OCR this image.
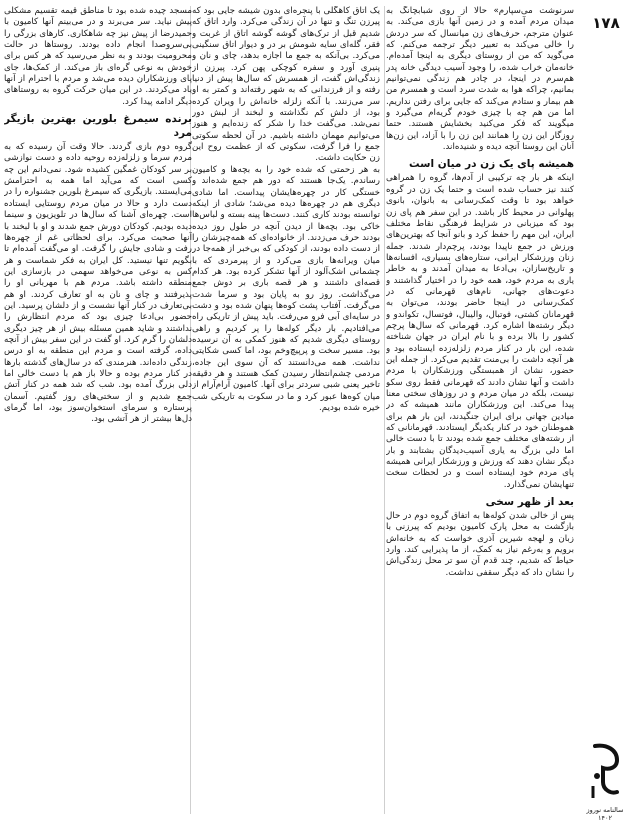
۱۷۸
سالنامه نوروز ۱۴۰۲

سرنوشت می‌سپارم» حالا از روی شبابچانگ به میدان مردم آمده و در زمین آنها بازی می‌کند. به عنوان مترجم، حرف‌های زن میانسال که سر دردش را خالی می‌کند به تعبیر دیگر ترجمه می‌کنم. که می‌گوید که من از روستای دیگری به اینجا آمده‌ام. خانه‌مان خراب شده، را وجود آسیب دیدگی خانه پدر هم‌سرم در اینجا، در چادر هم زندگی نمی‌توانیم بمانیم، چراکه هوا به شدت سرد است و همسرم من هم بیمار و ستادم می‌کند که جایی برای رفتن نداریم. اما من هم چه با چیزی خودم گریه‌ام می‌گیرد و میگویند که فکر می‌کنید بخشایش هستند. حتما روزگار این زن را همانند این زن را با آزاد، این زن‌ها آنان این روستا آنچه دیده و شنیده‌اند.

همیشه پای یک زن در میان است

اینکه هر بار چه ترکیبی از آدم‌ها، گروه را همراهی کنند نیز حساب شده است و حتما یک زن در گروه خواهد بود تا وقت کمک‌رسانی به بانوان، بانوی پهلوانی در محیط کار باشد. در این سفر هم پای زن بود که میزبانی در شرایط فرهنگی نقاط مختلف ایران، این مهم را حفظ کرد و بانو آنجا که بهترین‌های ورزش در جمع ناپیدا بودند، پرچم‌دار شدند. جمله زنان ورزشکار ایرانی، ستاره‌های بسیاری، افسانه‌ها و تاریخ‌سازان، بی‌ادعا به میدان آمدند و به خاطر یاری به مردم خود، همه خود را در اختیار گذاشتند و دعوت‌های جهانی، نام‌های قهرمانی که در کمک‌رسانی در اینجا حاضر بودند، می‌توان به قهرمانان کشتی، فوتبال، والیبال، فوتسال، تکواندو و دیگر رشته‌ها اشاره کرد. قهرمانی که سال‌ها پرچم کشور را بالا برده و با نام ایران در جهان شناخته شده، این بار در کنار مردم زلزله‌زده ایستاده بود و هر آنچه داشت را بی‌منت تقدیم می‌کرد. از جمله این حضور، نشان از همبستگی ورزشکاران با مردم داشت و آنها نشان دادند که قهرمانی فقط روی سکو نیست، بلکه در میان مردم و در روزهای سختی معنا پیدا می‌کند. این ورزشکاران مانند همیشه که در میادین جهانی برای ایران جنگیدند، این بار هم برای هموطنان خود در کنار یکدیگر ایستادند. قهرمانانی که از رشته‌های مختلف جمع شده بودند تا با دست خالی اما دلی بزرگ به یاری آسیب‌دیدگان بشتابند و بار دیگر نشان دهند که ورزش و ورزشکار ایرانی همیشه پای مردم خود ایستاده است و در لحظات سخت تنهایشان نمی‌گذارد.

بعد از ظهر سخی

پس از خالی شدن کوله‌ها به اتفاق گروه دوم در حال بازگشت به محل پارک کامیون بودیم که پیرزنی با زبان و لهجه شیرین آذری خواست که به خانه‌اش برویم و به‌رغم نیاز به کمک، از ما پذیرایی کند. وارد حیاط که شدیم، چند قدم آن سو تر محل زندگی‌اش را نشان داد که دیگر سقفی نداشت.

یک اتاق کاهگلی با پنجره‌ای بدون شیشه جایی بود که پیرزن تنگ و تنها در آن زندگی می‌کرد. وارد اتاق که شدیم قبل از ترک‌های گوشه گوشه اتاق از غربت و فقر، گله‌ای سایه شومش بر در و دیوار اتاق سنگینی می‌کرد. بی‌آنکه به جمع ما اجازه بدهد، چای و نان و پنیری آورد و سفره کوچکی پهن کرد. پیرزن از زندگی‌اش گفت، از همسرش که سال‌ها پیش از دنیا رفته و از فرزندانی که به شهر رفته‌اند و کمتر به او سر می‌زنند. با آنکه زلزله خانه‌اش را ویران کرده بود، از دلش کم نگذاشته و لبخند از لبش دور نمی‌شد. می‌گفت خدا را شکر که زنده‌ایم و هنوز می‌توانیم مهمان داشته باشیم. در آن لحظه سکوتی جمع را فرا گرفت، سکوتی که از عظمت روح این زن حکایت داشت.

به هر زحمتی که شده خود را به بچه‌ها و کامیون رساندم. یک‌جا هستند که دور هم جمع شده‌اند و خستگی کار در چهره‌هایشان پیداست. اما شادی دیگری هم در چهره‌ها دیده می‌شد؛ شادی از اینکه توانسته بودند کاری کنند. دست‌ها پینه بسته و لباس‌ها خاکی بود. بچه‌ها از دیدن آنچه در طول روز دیده بودند حرف می‌زدند. از خانواده‌ای که همه‌چیزشان را از دست داده بودند، از کودکی که بی‌خبر از همه‌جا در میان ویرانه‌ها بازی می‌کرد و از پیرمردی که با چشمانی اشک‌آلود از آنها تشکر کرده بود. هر کدام قصه‌ای داشتند و هر قصه باری بر دوش جمع می‌گذاشت. روز رو به پایان بود و سرما شدت می‌گرفت. آفتاب پشت کوه‌ها پنهان شده بود و دشت در سایه‌ای آبی فرو می‌رفت. باید پیش از تاریکی راه می‌افتادیم. بار دیگر کوله‌ها را پر کردیم و راهی روستای دیگری شدیم که هنوز کمکی به آن نرسیده بود. مسیر سخت و پرپیچ‌وخم بود، اما کسی شکایتی نداشت. همه می‌دانستند که آن سوی این جاده، مردمی چشم‌انتظار رسیدن کمک هستند و هر دقیقه تاخیر یعنی شبی سردتر برای آنها. کامیون آرام‌آرام از میان کوه‌ها عبور کرد و ما در سکوت به تاریکی شب خیره شده بودیم.

مسجد چیده شده بود تا مناطق قیمه تقسیم مشکلی پیش نیاید. سر می‌برند و در می‌بینم آنها کامیون با حمیدرضا از پیش نیز چه شاهکاری. کارهای بزرگی را بی‌سروصدا انجام داده بودند. روستاها در حالت محرومیت بودند و به نظر می‌رسید که هر کس برای خودش به نوعی گره‌ای باز می‌کند. از کمک‌ها، جای پای ورزشکاران دیده می‌شد و مردم با احترام از آنها یاد می‌کردند. در این میان حرکت گروه به روستاهای دیگر ادامه پیدا کرد.

برنده سیمرغ بلورین بهترین بازیگر مرد

گروه دوم بازی گردند. حالا وقت آن رسیده که به مردم سرما و زلزله‌زده روحیه داده و دست نوازشی بر سر کودکان غمگین کشیده شود. نمی‌دانم این چه کسی است که می‌آید اما همه به احترامش می‌ایستند. بازیگری که سیمرغ بلورین جشنواره را در دست دارد و حالا در میان مردم روستایی ایستاده است. چهره‌ای آشنا که سال‌ها در تلویزیون و سینما دیده بودیم. کودکان دورش جمع شدند و او با لبخند با آنها صحبت می‌کرد. برای لحظاتی غم از چهره‌ها رفت و شادی جایش را گرفت. او می‌گفت آمده‌ام تا بگویم تنها نیستید. کل ایران به فکر شماست و هر کس به نوعی می‌خواهد سهمی در بازسازی این منطقه داشته باشد. مردم هم با مهربانی او را پذیرفتند و چای و نان به او تعارف کردند. او هم بی‌تعارف در کنار آنها نشست و از دلشان پرسید. این حضور بی‌ادعا چیزی بود که مردم انتظارش را نداشتند و شاید همین مسئله بیش از هر چیز دیگری دلشان را گرم کرد. او گفت در این سفر بیش از آنچه داده، گرفته است و مردم این منطقه به او درس زندگی داده‌اند. هنرمندی که در سال‌های گذشته بارها در کنار مردم بوده و حالا باز هم با دست خالی اما دلی بزرگ آمده بود. شب که شد همه در کنار آتش جمع شدیم و از سختی‌های روز گفتیم. آسمان پرستاره و سرمای استخوان‌سوز بود، اما گرمای دل‌ها بیشتر از هر آتشی بود.
